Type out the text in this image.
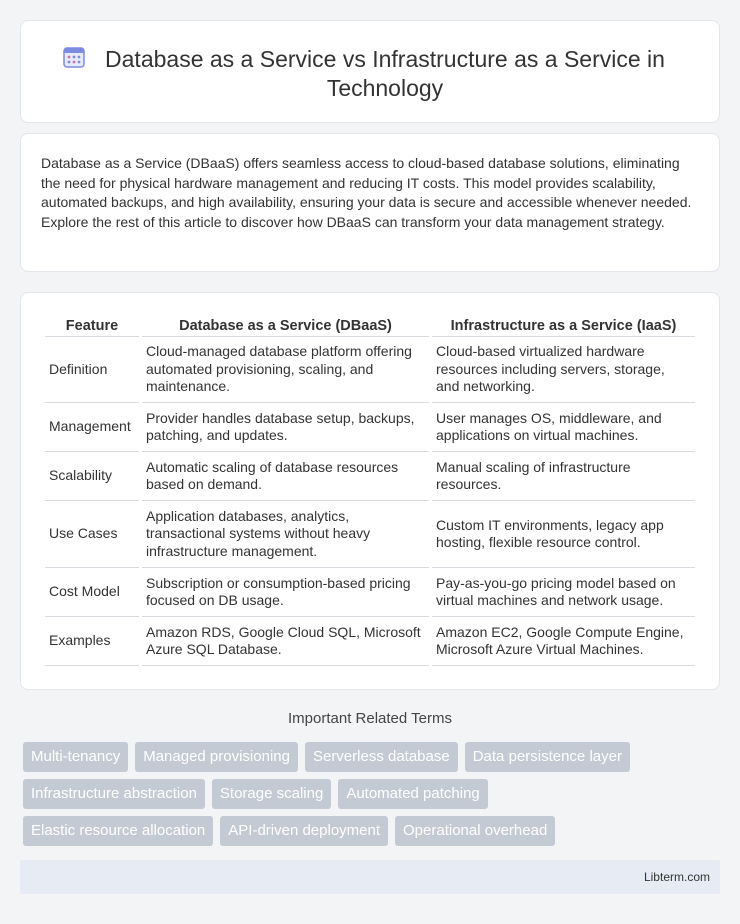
Database as a Service vs Infrastructure as a Service in Technology

Database as a Service (DBaaS) offers seamless access to cloud-based database solutions, eliminating the need for physical hardware management and reducing IT costs. This model provides scalability, automated backups, and high availability, ensuring your data is secure and accessible whenever needed. Explore the rest of this article to discover how DBaaS can transform your data management strategy.

Feature	Database as a Service (DBaaS)	Infrastructure as a Service (IaaS)
Definition	Cloud-managed database platform offering automated provisioning, scaling, and maintenance.	Cloud-based virtualized hardware resources including servers, storage, and networking.
Management	Provider handles database setup, backups, patching, and updates.	User manages OS, middleware, and applications on virtual machines.
Scalability	Automatic scaling of database resources based on demand.	Manual scaling of infrastructure resources.
Use Cases	Application databases, analytics, transactional systems without heavy infrastructure management.	Custom IT environments, legacy app hosting, flexible resource control.
Cost Model	Subscription or consumption-based pricing focused on DB usage.	Pay-as-you-go pricing model based on virtual machines and network usage.
Examples	Amazon RDS, Google Cloud SQL, Microsoft Azure SQL Database.	Amazon EC2, Google Compute Engine, Microsoft Azure Virtual Machines.
Important Related Terms
Multi-tenancy	Managed provisioning	Serverless database	Data persistence layer
Infrastructure abstraction	Storage scaling	Automated patching
Elastic resource allocation	API-driven deployment	Operational overhead
Libterm.com
